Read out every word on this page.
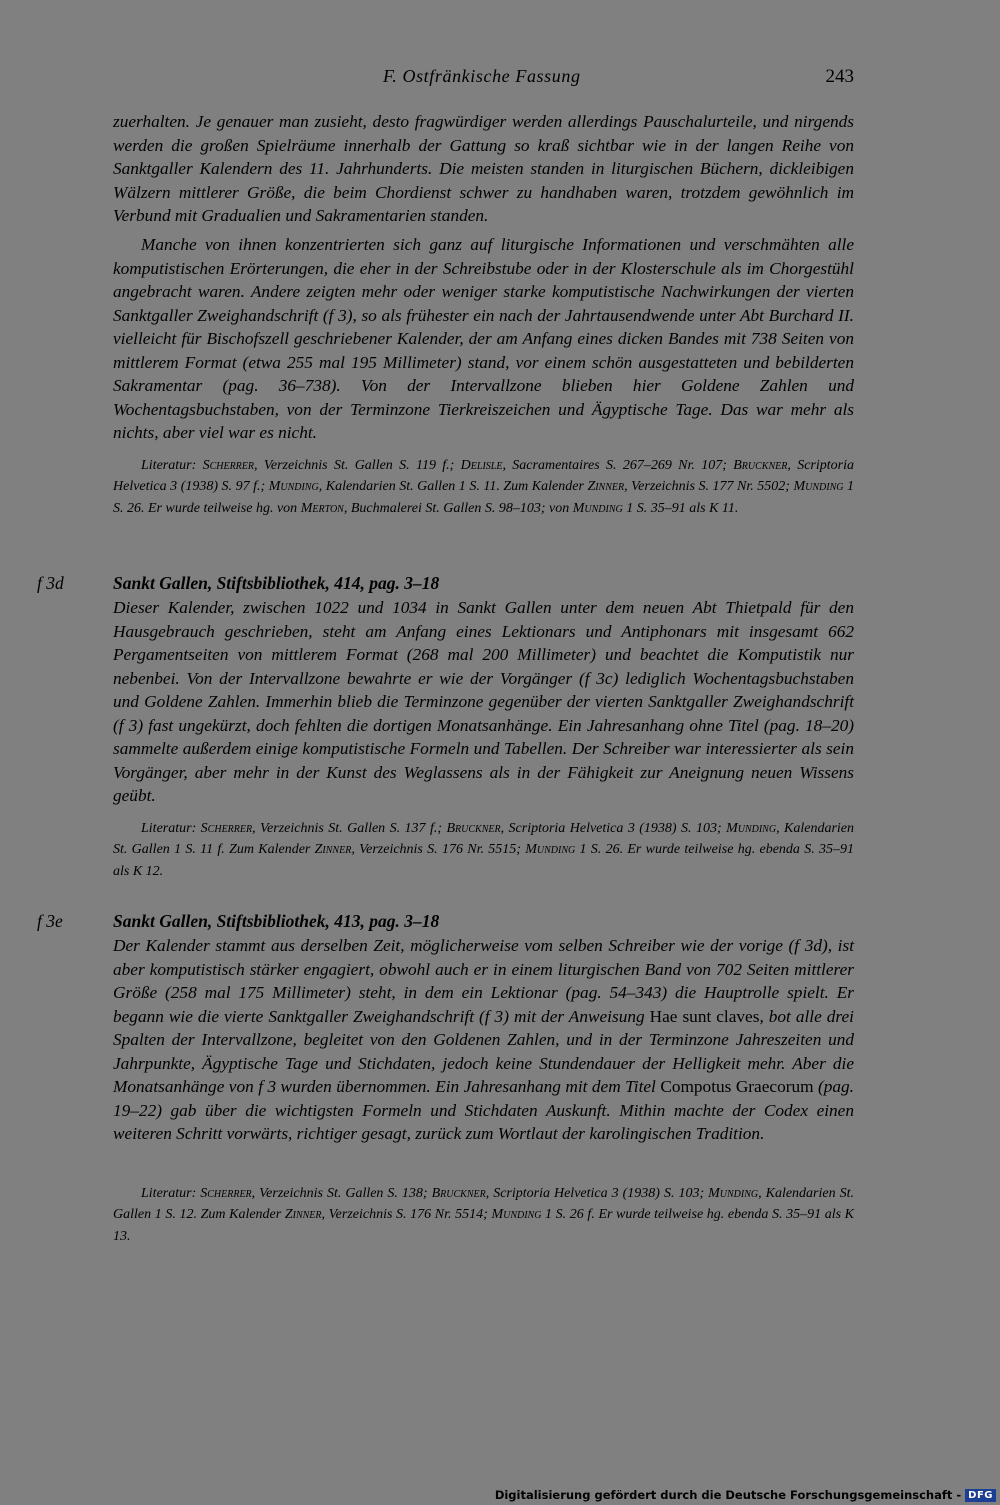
F. Ostfränkische Fassung	243

zuerhalten. Je genauer man zusieht, desto fragwürdiger werden allerdings Pauschalurteile, und nirgends werden die großen Spielräume innerhalb der Gattung so kraß sichtbar wie in der langen Reihe von Sanktgaller Kalendern des 11. Jahrhunderts. Die meisten standen in liturgischen Büchern, dickleibigen Wälzern mittlerer Größe, die beim Chordienst schwer zu handhaben waren, trotzdem gewöhnlich im Verbund mit Gradualien und Sakramentarien standen.

Manche von ihnen konzentrierten sich ganz auf liturgische Informationen und verschmähten alle komputistischen Erörterungen, die eher in der Schreibstube oder in der Klosterschule als im Chorgestühl angebracht waren. Andere zeigten mehr oder weniger starke komputistische Nachwirkungen der vierten Sanktgaller Zweighandschrift (f 3), so als frühester ein nach der Jahrtausendwende unter Abt Burchard II. vielleicht für Bischofszell geschriebener Kalender, der am Anfang eines dicken Bandes mit 738 Seiten von mittlerem Format (etwa 255 mal 195 Millimeter) stand, vor einem schön ausgestatteten und bebilderten Sakramentar (pag. 36–738). Von der Intervallzone blieben hier Goldene Zahlen und Wochentagsbuchstaben, von der Terminzone Tierkreiszeichen und Ägyptische Tage. Das war mehr als nichts, aber viel war es nicht.

Literatur: Scherrer, Verzeichnis St. Gallen S. 119 f.; Delisle, Sacramentaires S. 267–269 Nr. 107; Bruckner, Scriptoria Helvetica 3 (1938) S. 97 f.; Munding, Kalendarien St. Gallen 1 S. 11. Zum Kalender Zinner, Verzeichnis S. 177 Nr. 5502; Munding 1 S. 26. Er wurde teilweise hg. von Merton, Buchmalerei St. Gallen S. 98–103; von Munding 1 S. 35–91 als K 11.

f 3d	Sankt Gallen, Stiftsbibliothek, 414, pag. 3–18

Dieser Kalender, zwischen 1022 und 1034 in Sankt Gallen unter dem neuen Abt Thietpald für den Hausgebrauch geschrieben, steht am Anfang eines Lektionars und Antiphonars mit insgesamt 662 Pergamentseiten von mittlerem Format (268 mal 200 Millimeter) und beachtet die Komputistik nur nebenbei. Von der Intervallzone bewahrte er wie der Vorgänger (f 3c) lediglich Wochentagsbuchstaben und Goldene Zahlen. Immerhin blieb die Terminzone gegenüber der vierten Sanktgaller Zweighandschrift (f 3) fast ungekürzt, doch fehlten die dortigen Monatsanhänge. Ein Jahresanhang ohne Titel (pag. 18–20) sammelte außerdem einige komputistische Formeln und Tabellen. Der Schreiber war interessierter als sein Vorgänger, aber mehr in der Kunst des Weglassens als in der Fähigkeit zur Aneignung neuen Wissens geübt.

Literatur: Scherrer, Verzeichnis St. Gallen S. 137 f.; Bruckner, Scriptoria Helvetica 3 (1938) S. 103; Munding, Kalendarien St. Gallen 1 S. 11 f. Zum Kalender Zinner, Verzeichnis S. 176 Nr. 5515; Munding 1 S. 26. Er wurde teilweise hg. ebenda S. 35–91 als K 12.

f 3e	Sankt Gallen, Stiftsbibliothek, 413, pag. 3–18

Der Kalender stammt aus derselben Zeit, möglicherweise vom selben Schreiber wie der vorige (f 3d), ist aber komputistisch stärker engagiert, obwohl auch er in einem liturgischen Band von 702 Seiten mittlerer Größe (258 mal 175 Millimeter) steht, in dem ein Lektionar (pag. 54–343) die Hauptrolle spielt. Er begann wie die vierte Sanktgaller Zweighandschrift (f 3) mit der Anweisung Hae sunt claves, bot alle drei Spalten der Intervallzone, begleitet von den Goldenen Zahlen, und in der Terminzone Jahreszeiten und Jahrpunkte, Ägyptische Tage und Stichdaten, jedoch keine Stundendauer der Helligkeit mehr. Aber die Monatsanhänge von f 3 wurden übernommen. Ein Jahresanhang mit dem Titel Compotus Graecorum (pag. 19–22) gab über die wichtigsten Formeln und Stichdaten Auskunft. Mithin machte der Codex einen weiteren Schritt vorwärts, richtiger gesagt, zurück zum Wortlaut der karolingischen Tradition.

Literatur: Scherrer, Verzeichnis St. Gallen S. 138; Bruckner, Scriptoria Helvetica 3 (1938) S. 103; Munding, Kalendarien St. Gallen 1 S. 12. Zum Kalender Zinner, Verzeichnis S. 176 Nr. 5514; Munding 1 S. 26 f. Er wurde teilweise hg. ebenda S. 35–91 als K 13.

Digitalisierung gefördert durch die Deutsche Forschungsgemeinschaft - DFG
